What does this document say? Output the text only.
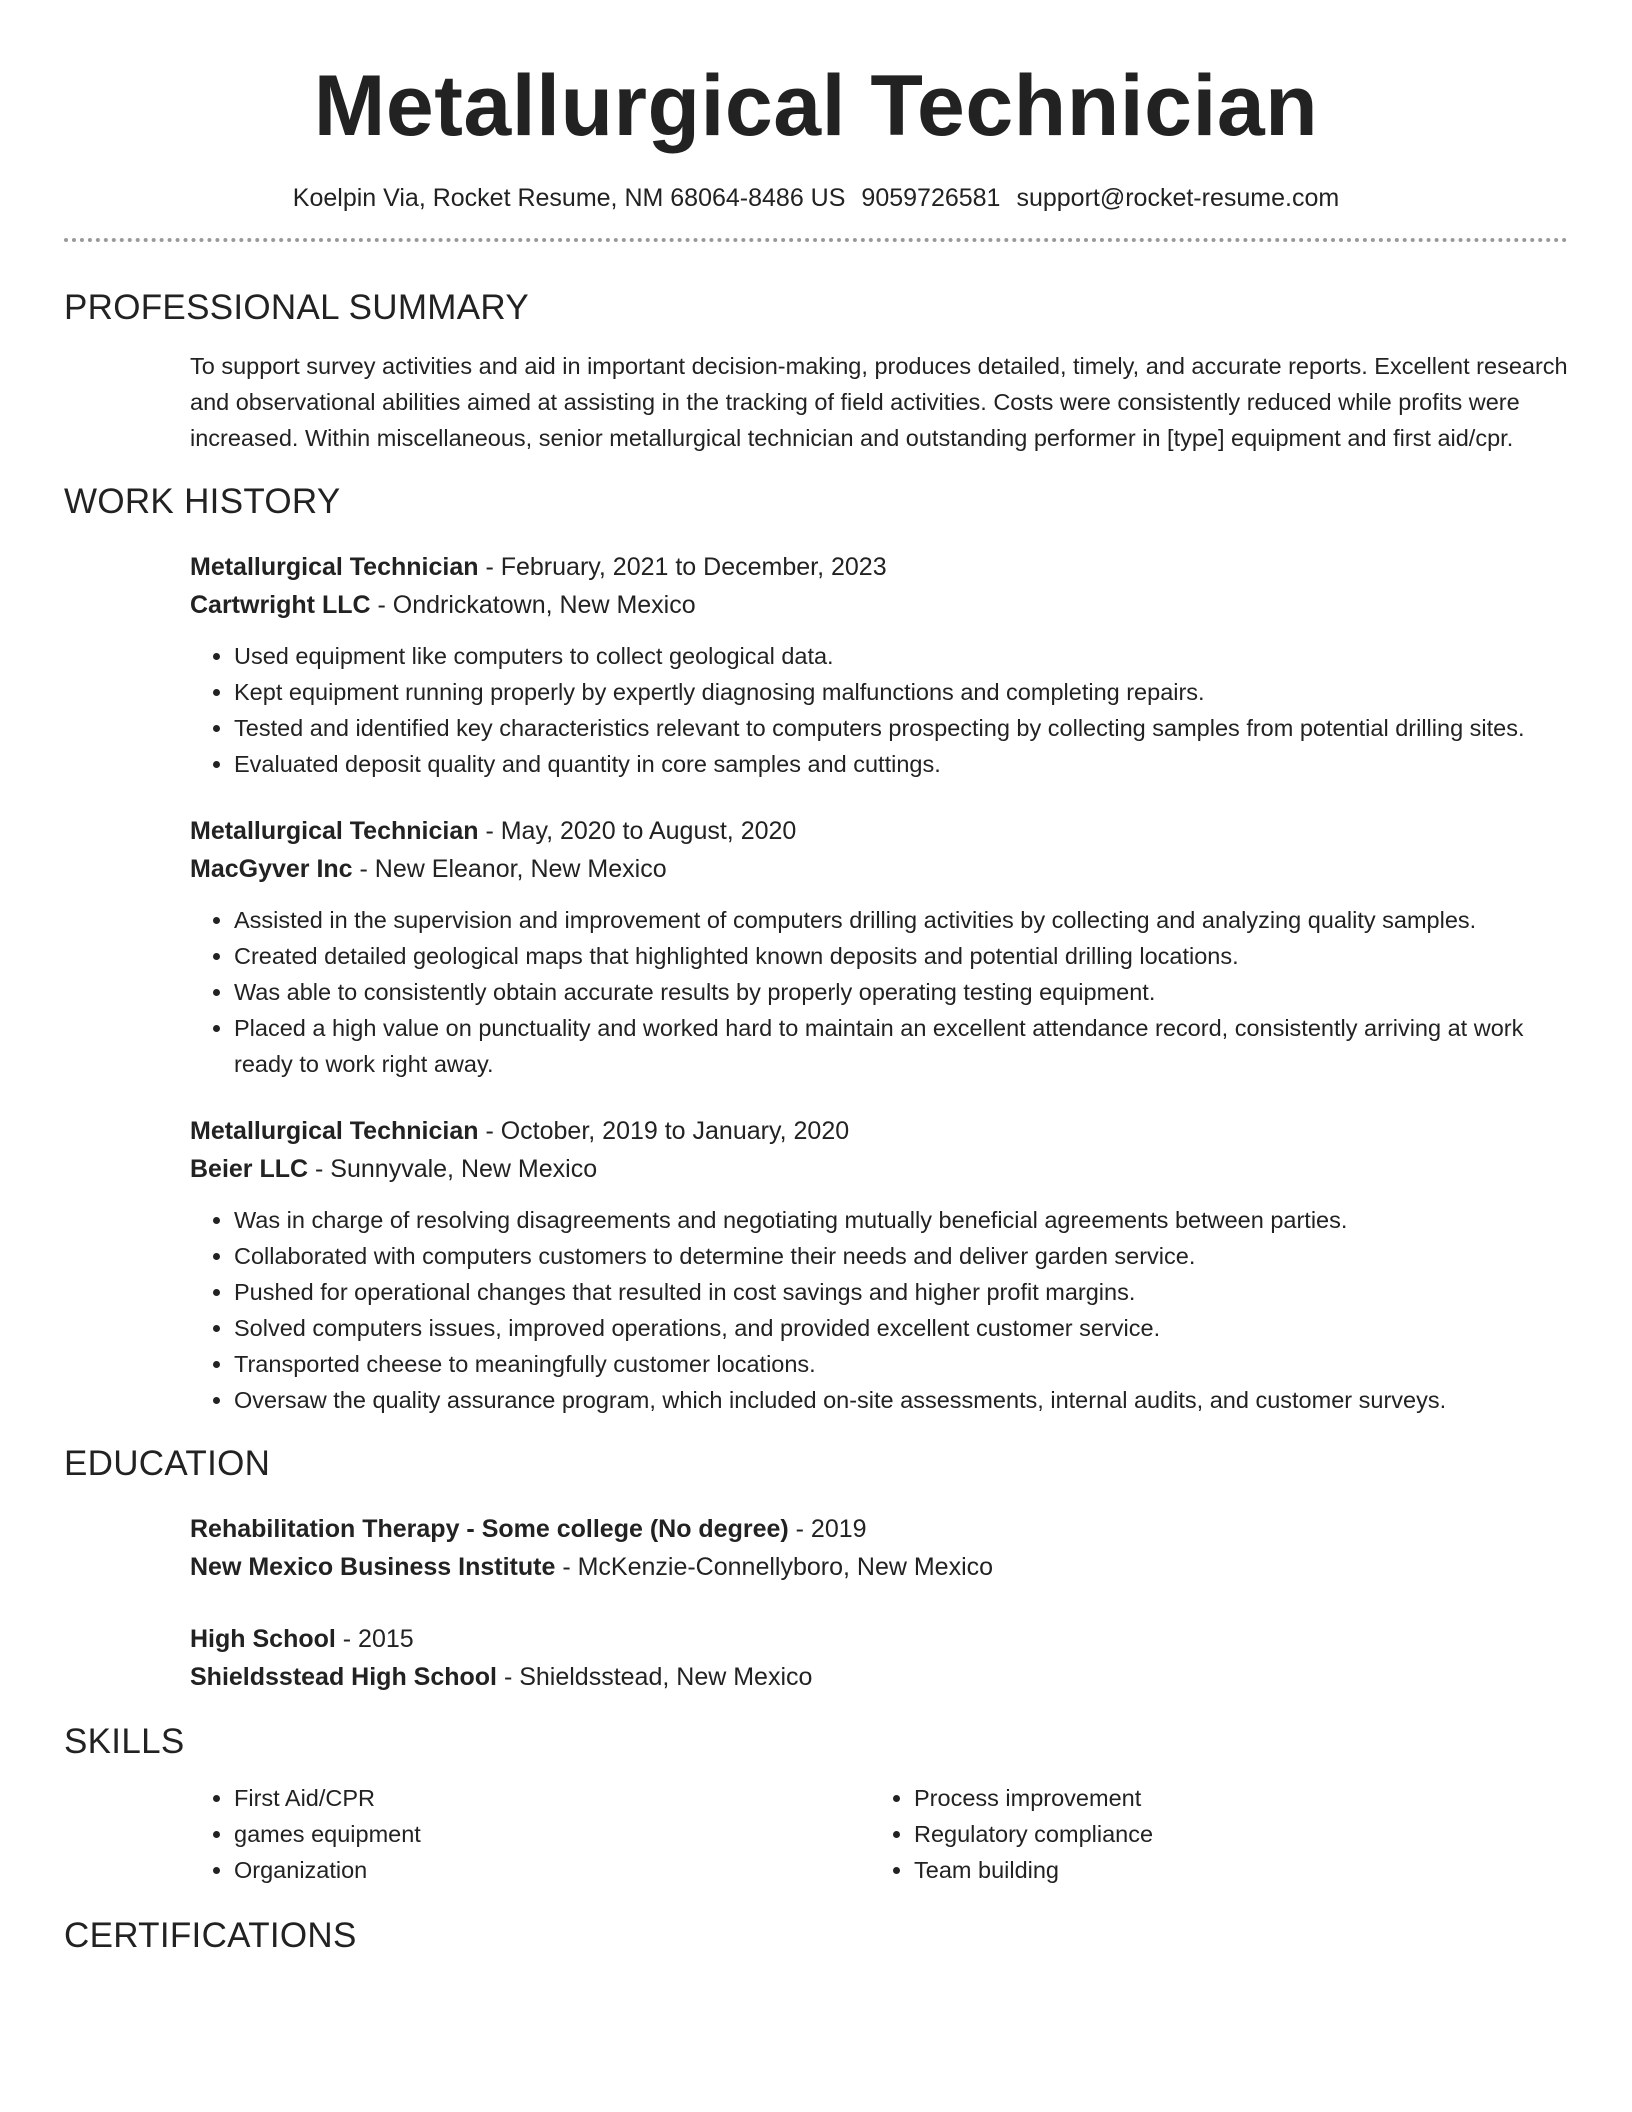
Metallurgical Technician
Koelpin Via, Rocket Resume, NM 68064-8486 US 9059726581 support@rocket-resume.com
PROFESSIONAL SUMMARY
To support survey activities and aid in important decision-making, produces detailed, timely, and accurate reports. Excellent research and observational abilities aimed at assisting in the tracking of field activities. Costs were consistently reduced while profits were increased. Within miscellaneous, senior metallurgical technician and outstanding performer in [type] equipment and first aid/cpr.
WORK HISTORY
Metallurgical Technician - February, 2021 to December, 2023
Cartwright LLC - Ondrickatown, New Mexico
• Used equipment like computers to collect geological data.
• Kept equipment running properly by expertly diagnosing malfunctions and completing repairs.
• Tested and identified key characteristics relevant to computers prospecting by collecting samples from potential drilling sites.
• Evaluated deposit quality and quantity in core samples and cuttings.
Metallurgical Technician - May, 2020 to August, 2020
MacGyver Inc - New Eleanor, New Mexico
• Assisted in the supervision and improvement of computers drilling activities by collecting and analyzing quality samples.
• Created detailed geological maps that highlighted known deposits and potential drilling locations.
• Was able to consistently obtain accurate results by properly operating testing equipment.
• Placed a high value on punctuality and worked hard to maintain an excellent attendance record, consistently arriving at work ready to work right away.
Metallurgical Technician - October, 2019 to January, 2020
Beier LLC - Sunnyvale, New Mexico
• Was in charge of resolving disagreements and negotiating mutually beneficial agreements between parties.
• Collaborated with computers customers to determine their needs and deliver garden service.
• Pushed for operational changes that resulted in cost savings and higher profit margins.
• Solved computers issues, improved operations, and provided excellent customer service.
• Transported cheese to meaningfully customer locations.
• Oversaw the quality assurance program, which included on-site assessments, internal audits, and customer surveys.
EDUCATION
Rehabilitation Therapy - Some college (No degree) - 2019
New Mexico Business Institute - McKenzie-Connellyboro, New Mexico
High School - 2015
Shieldsstead High School - Shieldsstead, New Mexico
SKILLS
• First Aid/CPR
• games equipment
• Organization
• Process improvement
• Regulatory compliance
• Team building
CERTIFICATIONS
